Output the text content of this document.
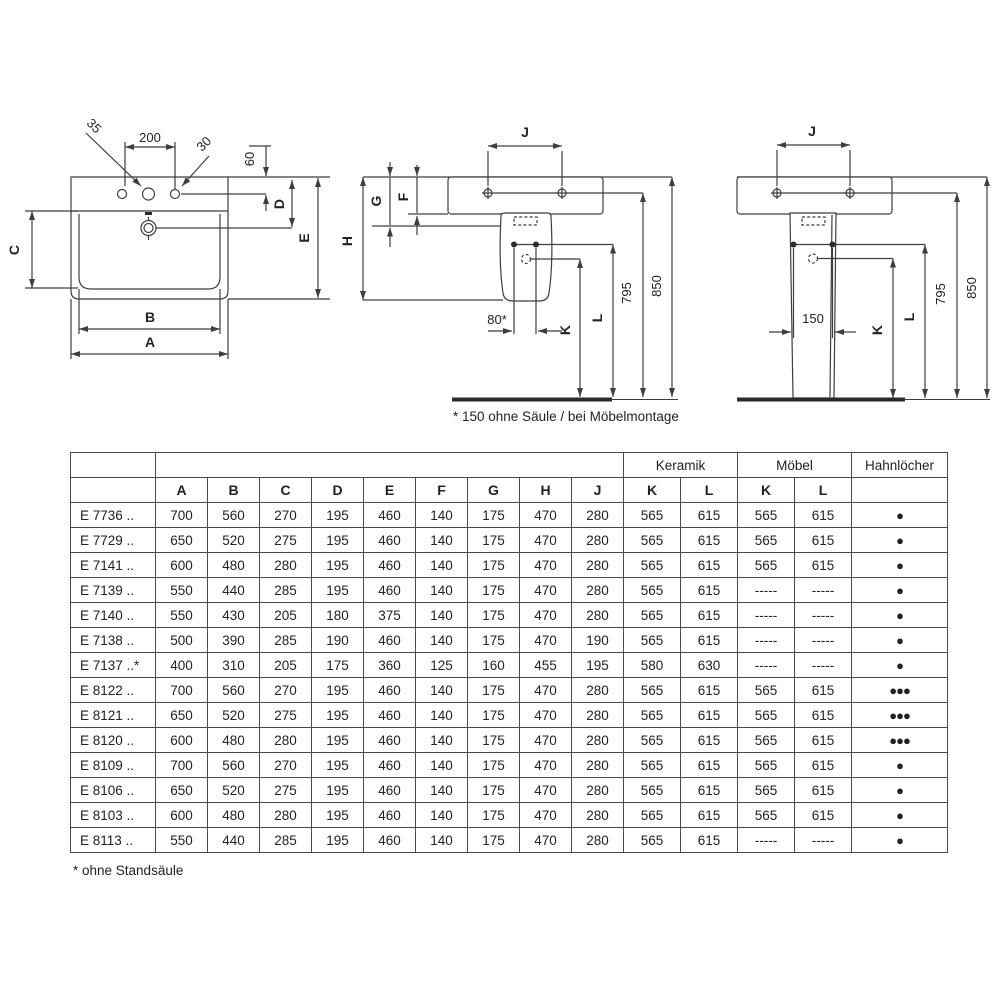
200
35
30
60
D
E
C
B
A
J
G F
H
80*
K
L
795 850
* 150 ohne Säule / bei Möbelmontage
J
150
K
L
795 850
										Keramik		Möbel		Hahnlöcher
	A	B	C	D	E	F	G	H	J	K	L	K	L	
E 7736 ..	700	560	270	195	460	140	175	470	280	565	615	565	615	●
E 7729 ..	650	520	275	195	460	140	175	470	280	565	615	565	615	●
E 7141 ..	600	480	280	195	460	140	175	470	280	565	615	565	615	●
E 7139 ..	550	440	285	195	460	140	175	470	280	565	615	-----	-----	●
E 7140 ..	550	430	205	180	375	140	175	470	280	565	615	-----	-----	●
E 7138 ..	500	390	285	190	460	140	175	470	190	565	615	-----	-----	●
E 7137 ..*	400	310	205	175	360	125	160	455	195	580	630	-----	-----	●
E 8122 ..	700	560	270	195	460	140	175	470	280	565	615	565	615	●●●
E 8121 ..	650	520	275	195	460	140	175	470	280	565	615	565	615	●●●
E 8120 ..	600	480	280	195	460	140	175	470	280	565	615	565	615	●●●
E 8109 ..	700	560	270	195	460	140	175	470	280	565	615	565	615	●
E 8106 ..	650	520	275	195	460	140	175	470	280	565	615	565	615	●
E 8103 ..	600	480	280	195	460	140	175	470	280	565	615	565	615	●
E 8113 ..	550	440	285	195	460	140	175	470	280	565	615	-----	-----	●
* ohne Standsäule
